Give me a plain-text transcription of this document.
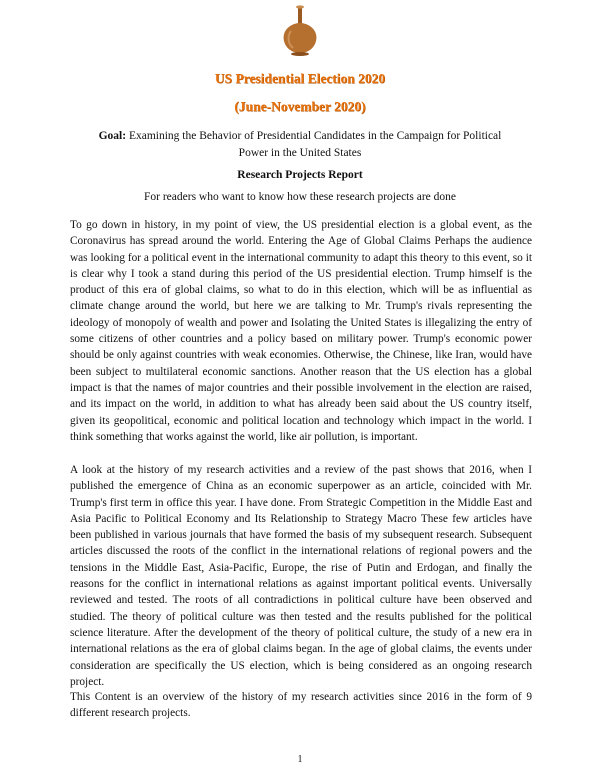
US Presidential Election 2020
(June-November 2020)
Goal: Examining the Behavior of Presidential Candidates in the Campaign for Political Power in the United States
Research Projects Report
For readers who want to know how these research projects are done

To go down in history, in my point of view, the US presidential election is a global event, as the Coronavirus has spread around the world. Entering the Age of Global Claims Perhaps the audience was looking for a political event in the international community to adapt this theory to this event, so it is clear why I took a stand during this period of the US presidential election. Trump himself is the product of this era of global claims, so what to do in this election, which will be as influential as climate change around the world, but here we are talking to Mr. Trump's rivals representing the ideology of monopoly of wealth and power and Isolating the United States is illegalizing the entry of some citizens of other countries and a policy based on military power. Trump's economic power should be only against countries with weak economies. Otherwise, the Chinese, like Iran, would have been subject to multilateral economic sanctions. Another reason that the US election has a global impact is that the names of major countries and their possible involvement in the election are raised, and its impact on the world, in addition to what has already been said about the US country itself, given its geopolitical, economic and political location and technology which impact in the world. I think something that works against the world, like air pollution, is important.

A look at the history of my research activities and a review of the past shows that 2016, when I published the emergence of China as an economic superpower as an article, coincided with Mr. Trump's first term in office this year. I have done. From Strategic Competition in the Middle East and Asia Pacific to Political Economy and Its Relationship to Strategy Macro These few articles have been published in various journals that have formed the basis of my subsequent research. Subsequent articles discussed the roots of the conflict in the international relations of regional powers and the tensions in the Middle East, Asia-Pacific, Europe, the rise of Putin and Erdogan, and finally the reasons for the conflict in international relations as against important political events. Universally reviewed and tested. The roots of all contradictions in political culture have been observed and studied. The theory of political culture was then tested and the results published for the political science literature. After the development of the theory of political culture, the study of a new era in international relations as the era of global claims began. In the age of global claims, the events under consideration are specifically the US election, which is being considered as an ongoing research project.

This Content is an overview of the history of my research activities since 2016 in the form of 9 different research projects.

1
